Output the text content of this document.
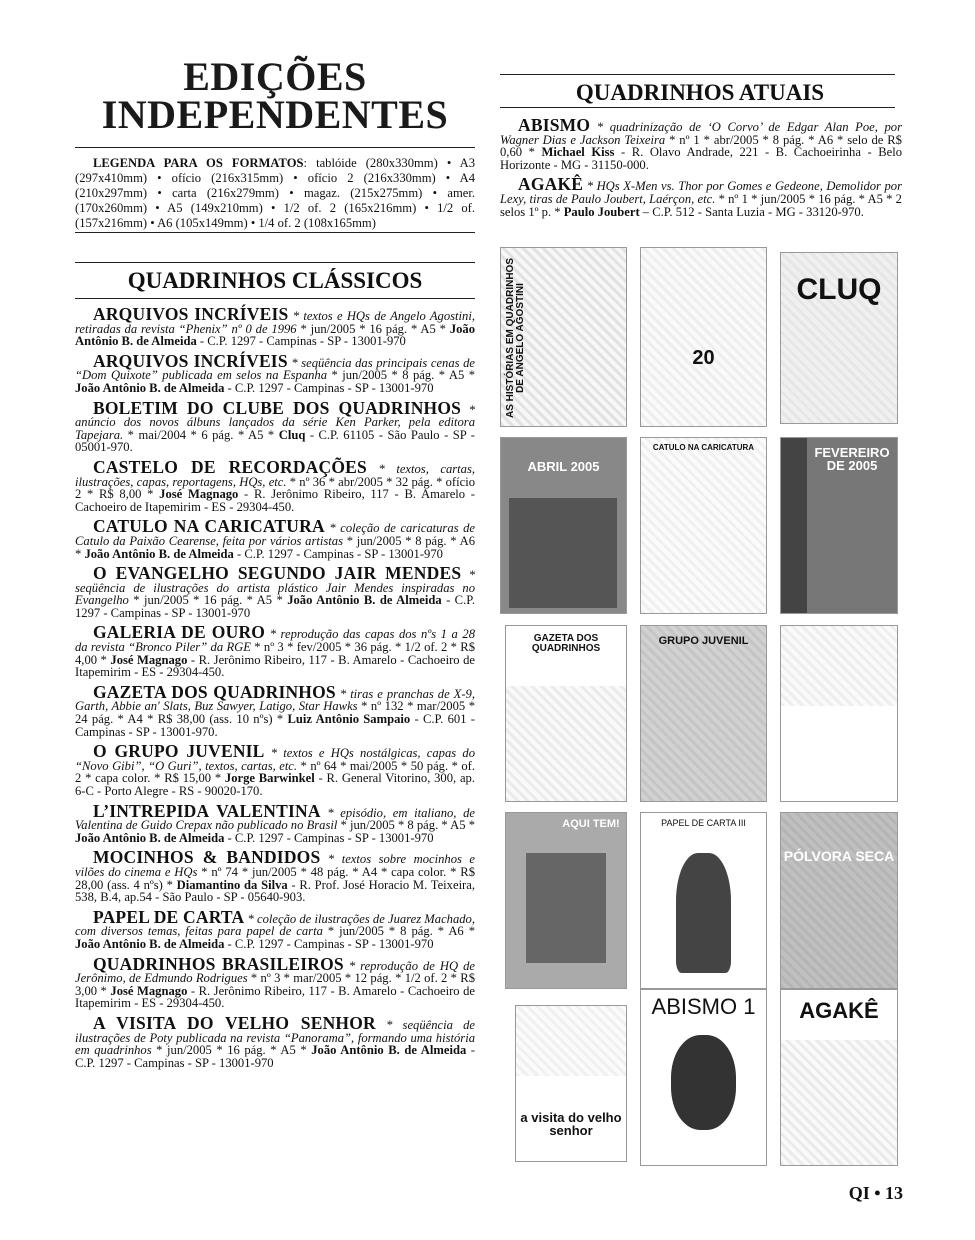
EDIÇÕES
INDEPENDENTES
LEGENDA PARA OS FORMATOS: tablóide (280x330mm) • A3 (297x410mm) • ofício (216x315mm) • ofício 2 (216x330mm) • A4 (210x297mm) • carta (216x279mm) • magaz. (215x275mm) • amer. (170x260mm) • A5 (149x210mm) • 1/2 of. 2 (165x216mm) • 1/2 of. (157x216mm) • A6 (105x149mm) • 1/4 of. 2 (108x165mm)
QUADRINHOS CLÁSSICOS
ARQUIVOS INCRÍVEIS * textos e HQs de Angelo Agostini, retiradas da revista “Phenix” nº 0 de 1996 * jun/2005 * 16 pág. * A5 * João Antônio B. de Almeida - C.P. 1297 - Campinas - SP - 13001-970
ARQUIVOS INCRÍVEIS * seqüência das principais cenas de “Dom Quixote” publicada em selos na Espanha * jun/2005 * 8 pág. * A5 * João Antônio B. de Almeida - C.P. 1297 - Campinas - SP - 13001-970
BOLETIM DO CLUBE DOS QUADRINHOS * anúncio dos novos álbuns lançados da série Ken Parker, pela editora Tapejara. * mai/2004 * 6 pág. * A5 * Cluq - C.P. 61105 - São Paulo - SP - 05001-970.
CASTELO DE RECORDAÇÕES * textos, cartas, ilustrações, capas, reportagens, HQs, etc. * nº 36 * abr/2005 * 32 pág. * ofício 2 * R$ 8,00 * José Magnago - R. Jerônimo Ribeiro, 117 - B. Amarelo - Cachoeiro de Itapemirim - ES - 29304-450.
CATULO NA CARICATURA * coleção de caricaturas de Catulo da Paixão Cearense, feita por vários artistas * jun/2005 * 8 pág. * A6 * João Antônio B. de Almeida - C.P. 1297 - Campinas - SP - 13001-970
O EVANGELHO SEGUNDO JAIR MENDES * seqüência de ilustrações do artista plástico Jair Mendes inspiradas no Evangelho * jun/2005 * 16 pág. * A5 * João Antônio B. de Almeida - C.P. 1297 - Campinas - SP - 13001-970
GALERIA DE OURO * reprodução das capas dos nºs 1 a 28 da revista “Bronco Piler” da RGE * nº 3 * fev/2005 * 36 pág. * 1/2 of. 2 * R$ 4,00 * José Magnago - R. Jerônimo Ribeiro, 117 - B. Amarelo - Cachoeiro de Itapemirim - ES - 29304-450.
GAZETA DOS QUADRINHOS * tiras e pranchas de X-9, Garth, Abbie an' Slats, Buz Sawyer, Latigo, Star Hawks * nº 132 * mar/2005 * 24 pág. * A4 * R$ 38,00 (ass. 10 nºs) * Luiz Antônio Sampaio - C.P. 601 - Campinas - SP - 13001-970.
O GRUPO JUVENIL * textos e HQs nostálgicas, capas do “Novo Gibi”, “O Guri”, textos, cartas, etc. * nº 64 * mai/2005 * 50 pág. * of. 2 * capa color. * R$ 15,00 * Jorge Barwinkel - R. General Vitorino, 300, ap. 6-C - Porto Alegre - RS - 90020-170.
L’INTREPIDA VALENTINA * episódio, em italiano, de Valentina de Guido Crepax não publicado no Brasil * jun/2005 * 8 pág. * A5 * João Antônio B. de Almeida - C.P. 1297 - Campinas - SP - 13001-970
MOCINHOS & BANDIDOS * textos sobre mocinhos e vilões do cinema e HQs * nº 74 * jun/2005 * 48 pág. * A4 * capa color. * R$ 28,00 (ass. 4 nºs) * Diamantino da Silva - R. Prof. José Horacio M. Teixeira, 538, B.4, ap.54 - São Paulo - SP - 05640-903.
PAPEL DE CARTA * coleção de ilustrações de Juarez Machado, com diversos temas, feitas para papel de carta * jun/2005 * 8 pág. * A6 * João Antônio B. de Almeida - C.P. 1297 - Campinas - SP - 13001-970
QUADRINHOS BRASILEIROS * reprodução de HQ de Jerônimo, de Edmundo Rodrigues * nº 3 * mar/2005 * 12 pág. * 1/2 of. 2 * R$ 3,00 * José Magnago - R. Jerônimo Ribeiro, 117 - B. Amarelo - Cachoeiro de Itapemirim - ES - 29304-450.
A VISITA DO VELHO SENHOR * seqüência de ilustrações de Poty publicada na revista “Panorama”, formando uma história em quadrinhos * jun/2005 * 16 pág. * A5 * João Antônio B. de Almeida - C.P. 1297 - Campinas - SP - 13001-970
QUADRINHOS ATUAIS
ABISMO * quadrinização de ‘O Corvo’ de Edgar Alan Poe, por Wagner Dias e Jackson Teixeira * nº 1 * abr/2005 * 8 pág. * A6 * selo de R$ 0,60 * Michael Kiss - R. Olavo Andrade, 221 - B. Cachoeirinha - Belo Horizonte - MG - 31150-000.
AGAKÊ * HQs X-Men vs. Thor por Gomes e Gedeone, Demolidor por Lexy, tiras de Paulo Joubert, Laérçon, etc. * nº 1 * jun/2005 * 16 pág. * A5 * 2 selos 1º p. * Paulo Joubert – C.P. 512 - Santa Luzia - MG - 33120-970.
AS HISTÓRIAS EM QUADRINHOS DE ANGELO AGOSTINI	20
CLUQ
ABRIL 2005
CATULO NA CARICATURA	FEVEREIRO DE 2005
GAZETA DOS QUADRINHOS
GRUPO JUVENIL
AQUI TEM!	PAPEL DE CARTA III
PÓLVORA SECA
a visita do velho senhor
ABISMO 1	AGAKÊ
QI • 13
